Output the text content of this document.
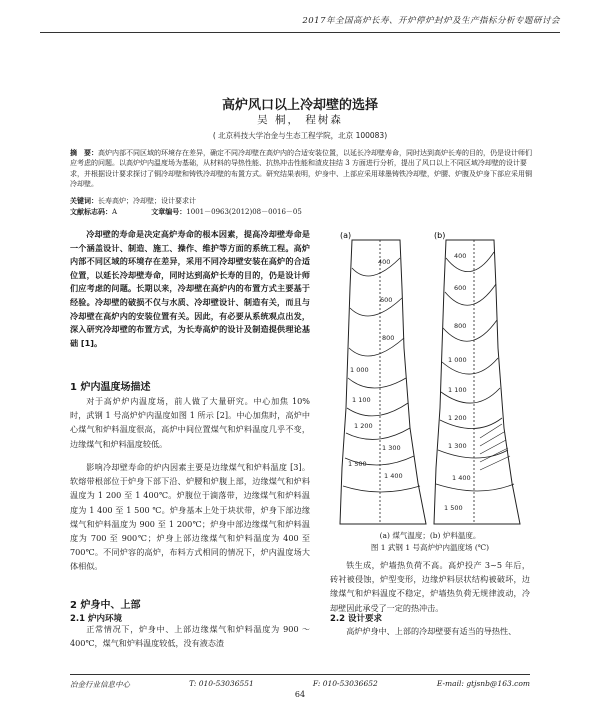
2017年全国高炉长寿、开炉停炉封炉及生产指标分析专题研讨会
高炉风口以上冷却壁的选择
吴 桐， 程树森
( 北京科技大学冶金与生态工程学院，北京 100083)
摘　要：高炉内部不同区域的环境存在差异，确定不同冷却壁在高炉内的合适安装位置，以延长冷却壁寿命，同时达到高炉长寿的目的，仍是设计师们应考虑的问题。以高炉炉内温度场为基础，从材料的导热性能、抗热冲击性能和渣皮挂结 3 方面进行分析，提出了风口以上不同区域冷却壁的设计要求，并根据设计要求探讨了铜冷却壁和铸铁冷却壁的布置方式。研究结果表明，炉身中、上部应采用球墨铸铁冷却壁，炉腰、炉腹及炉身下部应采用铜冷却壁。
关键词：长寿高炉；冷却壁；设计要求计
文献标志码：A	文章编号：1001－0963(2012)08－0016－05
冷却壁的寿命是决定高炉寿命的根本因素，提高冷却壁寿命是一个涵盖设计、制造、施工、操作、维护等方面的系统工程。高炉内部不同区域的环境存在差异，采用不同冷却壁安装在高炉的合适位置，以延长冷却壁寿命，同时达到高炉长寿的目的，仍是设计师们应考虑的问题。长期以来，冷却壁在高炉内的布置方式主要基于经验。冷却壁的破损不仅与水质、冷却壁设计、制造有关，而且与冷却壁在高炉内的安装位置有关。因此，有必要从系统观点出发，深入研究冷却壁的布置方式，为长寿高炉的设计及制造提供理论基础 [1]。
1 炉内温度场描述
对于高炉炉内温度场，前人做了大量研究。中心加焦 10% 时，武钢 1 号高炉炉内温度如图 1 所示 [2]。中心加焦时，高炉中心煤气和炉料温度很高，高炉中间位置煤气和炉料温度几乎不变，边缘煤气和炉料温度较低。
影响冷却壁寿命的炉内因素主要是边缘煤气和炉料温度 [3]。软熔带根部位于炉身下部下沿、炉腰和炉腹上部，边缘煤气和炉料温度为 1 200 至 1 400℃。炉腹位于滴落带，边缘煤气和炉料温度为 1 400 至 1 500 ℃。炉身基本上处于块状带，炉身下部边缘煤气和炉料温度为 900 至 1 200℃；炉身中部边缘煤气和炉料温度为 700 至 900℃；炉身上部边缘煤气和炉料温度为 400 至 700℃。不同炉容的高炉，布料方式相同的情况下，炉内温度场大体相似。
2 炉身中、上部
2.1 炉内环境
正常情况下，炉身中、上部边缘煤气和炉料温度为 900 ～ 400℃，煤气和炉料温度较低，没有液态渣
(a)
400
600
800
1 000
1 100
1 200
1 300
1 400
1 500
(b)
400
600
800
1 000
1 100
1 200
1 300
1 400
1 500
(a) 煤气温度；(b) 炉料温度。
图 1 武钢 1 号高炉炉内温度场 (℃)
铁生成，炉墙热负荷不高。高炉投产 3~5 年后，砖衬被侵蚀，炉型变形，边缘炉料层状结构被破坏，边缘煤气和炉料温度不稳定，炉墙热负荷无规律波动，冷却壁因此承受了一定的热冲击。
2.2 设计要求
高炉炉身中、上部的冷却壁要有适当的导热性、
冶金行业信息中心	T: 010-53036551	F: 010-53036652	E-mail: gtjsnb@163.com
64
